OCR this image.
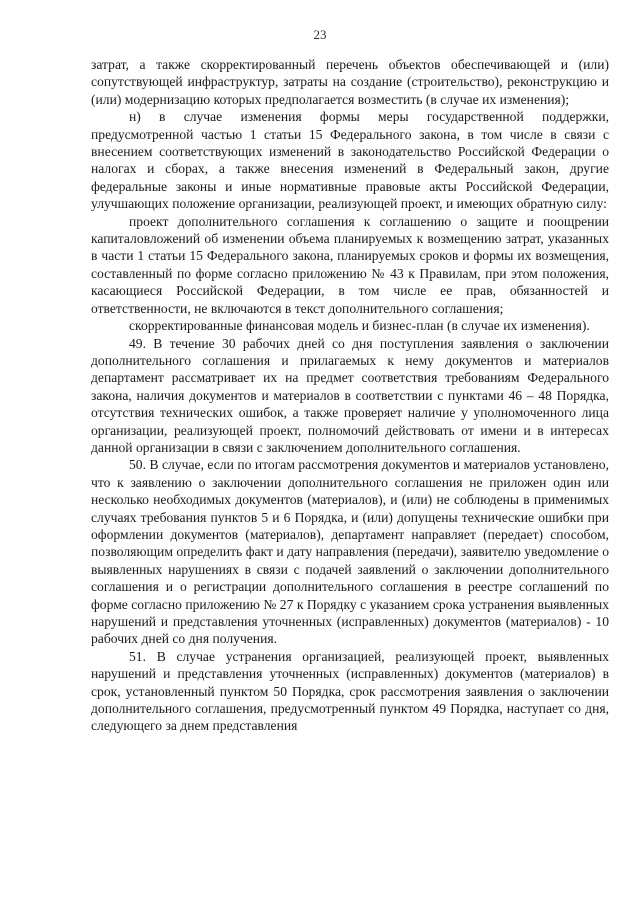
23

затрат, а также скорректированный перечень объектов обеспечивающей и (или) сопутствующей инфраструктур, затраты на создание (строительство), реконструкцию и (или) модернизацию которых предполагается возместить (в случае их изменения);

н) в случае изменения формы меры государственной поддержки, предусмотренной частью 1 статьи 15 Федерального закона, в том числе в связи с внесением соответствующих изменений в законодательство Российской Федерации о налогах и сборах, а также внесения изменений в Федеральный закон, другие федеральные законы и иные нормативные правовые акты Российской Федерации, улучшающих положение организации, реализующей проект, и имеющих обратную силу:

проект дополнительного соглашения к соглашению о защите и поощрении капиталовложений об изменении объема планируемых к возмещению затрат, указанных в части 1 статьи 15 Федерального закона, планируемых сроков и формы их возмещения, составленный по форме согласно приложению № 43 к Правилам, при этом положения, касающиеся Российской Федерации, в том числе ее прав, обязанностей и ответственности, не включаются в текст дополнительного соглашения;

скорректированные финансовая модель и бизнес-план (в случае их изменения).

49. В течение 30 рабочих дней со дня поступления заявления о заключении дополнительного соглашения и прилагаемых к нему документов и материалов департамент рассматривает их на предмет соответствия требованиям Федерального закона, наличия документов и материалов в соответствии с пунктами 46 – 48 Порядка, отсутствия технических ошибок, а также проверяет наличие у уполномоченного лица организации, реализующей проект, полномочий действовать от имени и в интересах данной организации в связи с заключением дополнительного соглашения.

50. В случае, если по итогам рассмотрения документов и материалов установлено, что к заявлению о заключении дополнительного соглашения не приложен один или несколько необходимых документов (материалов), и (или) не соблюдены в применимых случаях требования пунктов 5 и 6 Порядка, и (или) допущены технические ошибки при оформлении документов (материалов), департамент направляет (передает) способом, позволяющим определить факт и дату направления (передачи), заявителю уведомление о выявленных нарушениях в связи с подачей заявлений о заключении дополнительного соглашения и о регистрации дополнительного соглашения в реестре соглашений по форме согласно приложению № 27 к Порядку с указанием срока устранения выявленных нарушений и представления уточненных (исправленных) документов (материалов) - 10 рабочих дней со дня получения.

51. В случае устранения организацией, реализующей проект, выявленных нарушений и представления уточненных (исправленных) документов (материалов) в срок, установленный пунктом 50 Порядка, срок рассмотрения заявления о заключении дополнительного соглашения, предусмотренный пунктом 49 Порядка, наступает со дня, следующего за днем представления
